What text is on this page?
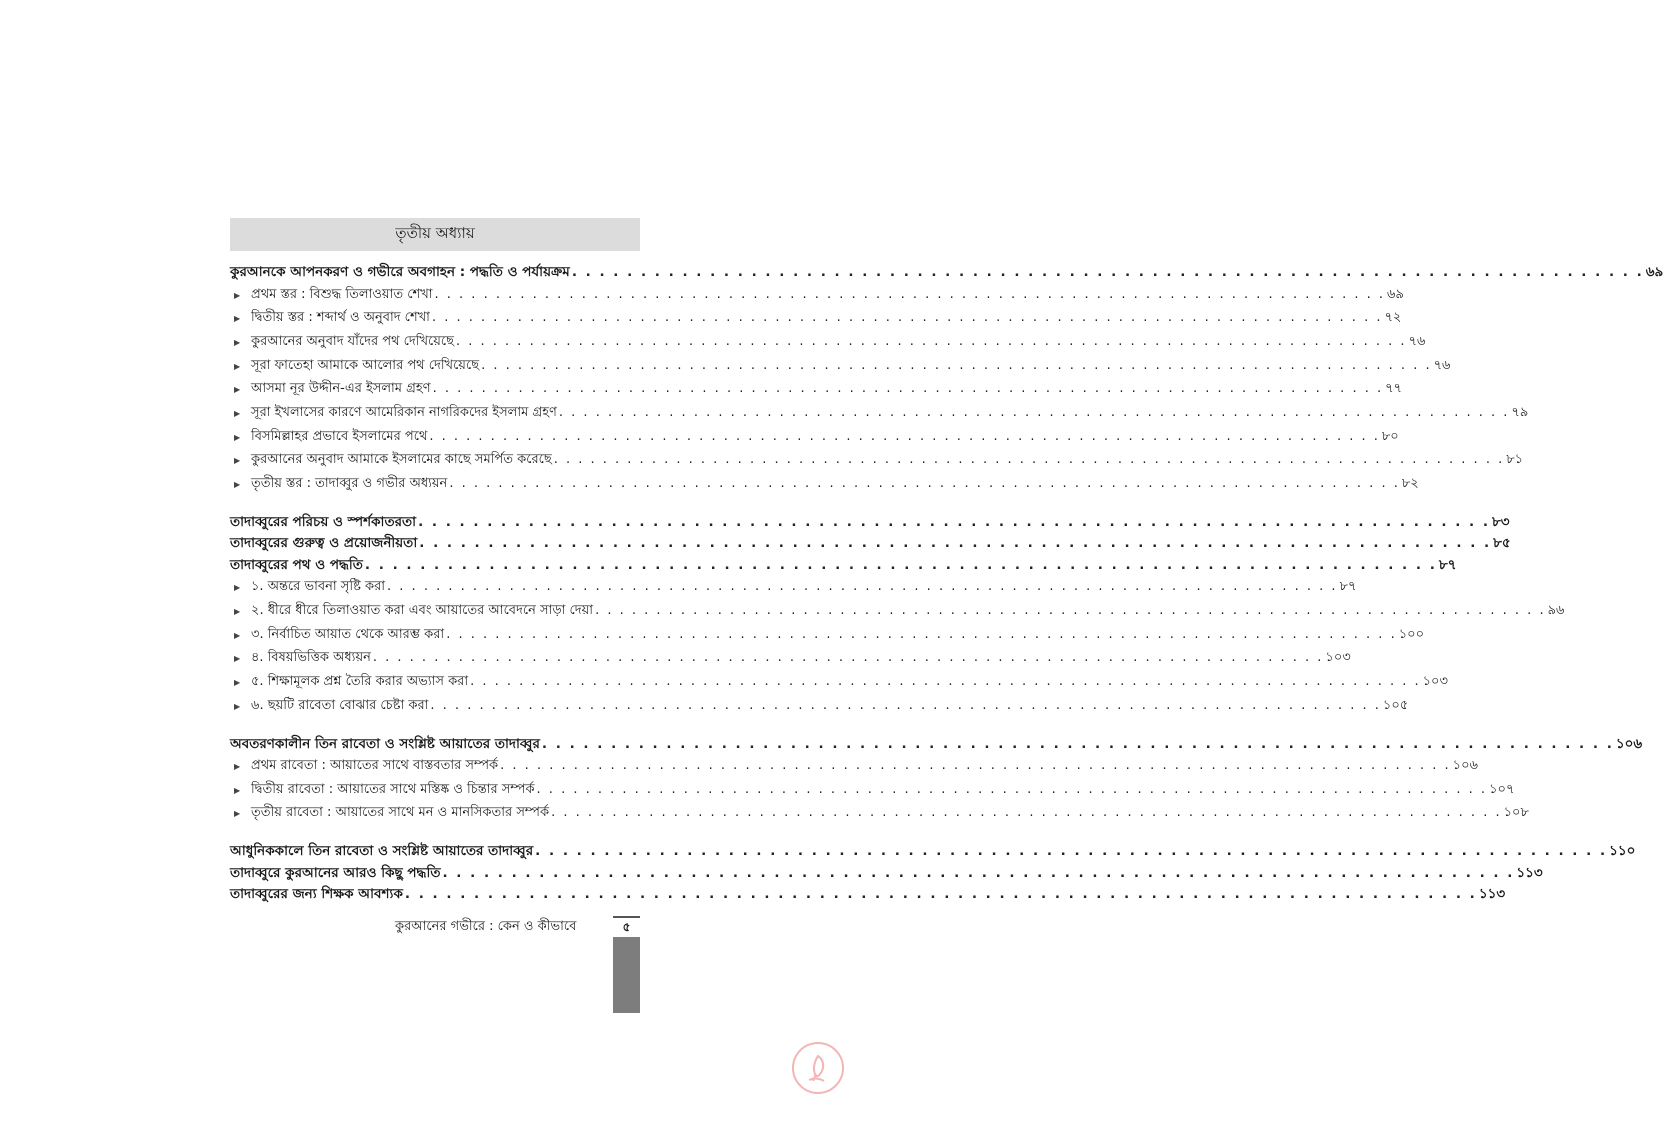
তৃতীয় অধ্যায়
কুরআনকে আপনকরণ ও গভীরে অবগাহন : পদ্ধতি ও পর্যায়ক্রম . . .	৬৯
▶ প্রথম স্তর : বিশুদ্ধ তিলাওয়াত শেখা . . .	৬৯
▶ দ্বিতীয় স্তর : শব্দার্থ ও অনুবাদ শেখা . . .	৭২
▶ কুরআনের অনুবাদ যাঁদের পথ দেখিয়েছে . . .	৭৬
▶ সূরা ফাতেহা আমাকে আলোর পথ দেখিয়েছে . . .	৭৬
▶ আসমা নূর উদ্দীন-এর ইসলাম গ্রহণ . . .	৭৭
▶ সূরা ইখলাসের কারণে আমেরিকান নাগরিকদের ইসলাম গ্রহণ . . .	৭৯
▶ বিসমিল্লাহর প্রভাবে ইসলামের পথে . . .	৮০
▶ কুরআনের অনুবাদ আমাকে ইসলামের কাছে সমর্পিত করেছে . . .	৮১
▶ তৃতীয় স্তর : তাদাব্বুর ও গভীর অধ্যয়ন . . .	৮২
তাদাব্বুরের পরিচয় ও স্পর্শকাতরতা . . .	৮৩
তাদাব্বুরের গুরুত্ব ও প্রয়োজনীয়তা . . .	৮৫
তাদাব্বুরের পথ ও পদ্ধতি . . .	৮৭
▶ ১. অন্তরে ভাবনা সৃষ্টি করা . . .	৮৭
▶ ২. ধীরে ধীরে তিলাওয়াত করা এবং আয়াতের আবেদনে সাড়া দেয়া . . .	৯৬
▶ ৩. নির্বাচিত আয়াত থেকে আরম্ভ করা . . .	১০০
▶ ৪. বিষয়ভিত্তিক অধ্যয়ন . . .	১০৩
▶ ৫. শিক্ষামূলক প্রশ্ন তৈরি করার অভ্যাস করা . . .	১০৩
▶ ৬. ছয়টি রাবেতা বোঝার চেষ্টা করা . . .	১০৫
অবতরণকালীন তিন রাবেতা ও সংশ্লিষ্ট আয়াতের তাদাব্বুর . . .	১০৬
▶ প্রথম রাবেতা : আয়াতের সাথে বাস্তবতার সম্পর্ক . . .	১০৬
▶ দ্বিতীয় রাবেতা : আয়াতের সাথে মস্তিষ্ক ও চিন্তার সম্পর্ক . . .	১০৭
▶ তৃতীয় রাবেতা : আয়াতের সাথে মন ও মানসিকতার সম্পর্ক . . .	১০৮
আধুনিককালে তিন রাবেতা ও সংশ্লিষ্ট আয়াতের তাদাব্বুর . . .	১১০
তাদাব্বুরে কুরআনের আরও কিছু পদ্ধতি . . .	১১৩
তাদাব্বুরের জন্য শিক্ষক আবশ্যক . . .	১১৩
কুরআনের গভীরে : কেন ও কীভাবে	৫
